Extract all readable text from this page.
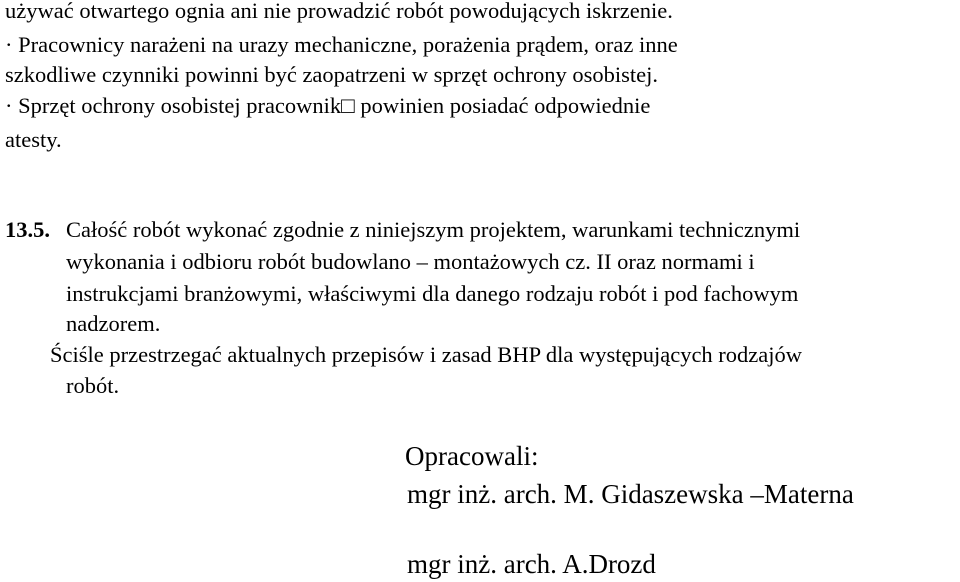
używać otwartego ognia ani nie prowadzić robót powodujących iskrzenie.
· Pracownicy narażeni na urazy mechaniczne, porażenia prądem, oraz inne
szkodliwe czynniki powinni być zaopatrzeni w sprzęt ochrony osobistej.
· Sprzęt ochrony osobistej pracownik□ powinien posiadać odpowiednie
atesty.
13.5. Całość robót wykonać zgodnie z niniejszym projektem, warunkami technicznymi
wykonania i odbioru robót budowlano – montażowych cz. II oraz normami i
instrukcjami branżowymi, właściwymi dla danego rodzaju robót i pod fachowym
nadzorem.
Ściśle przestrzegać aktualnych przepisów i zasad BHP dla występujących rodzajów
robót.
Opracowali:
mgr inż. arch. M. Gidaszewska –Materna
mgr inż. arch. A.Drozd
